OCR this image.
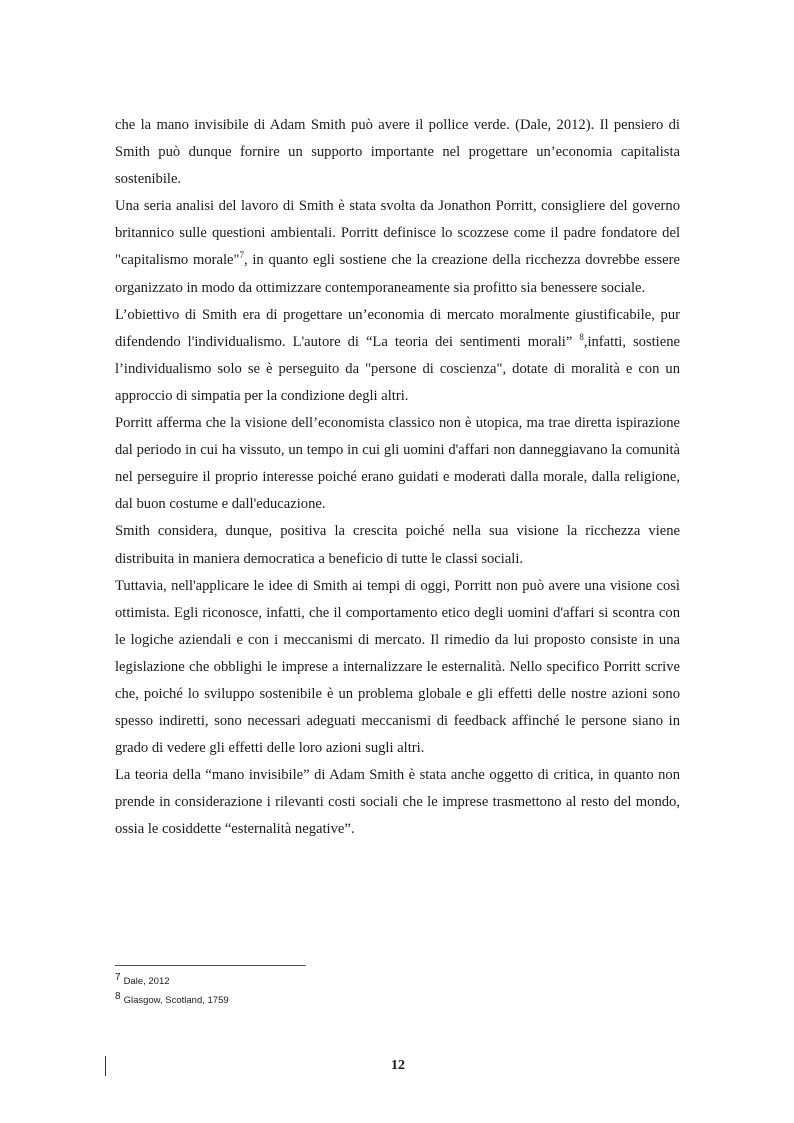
che la mano invisibile di Adam Smith può avere il pollice verde. (Dale, 2012). Il pensiero di Smith può dunque fornire un supporto importante nel progettare un’economia capitalista sostenibile.

Una seria analisi del lavoro di Smith è stata svolta da Jonathon Porritt, consigliere del governo britannico sulle questioni ambientali. Porritt definisce lo scozzese come il padre fondatore del "capitalismo morale"$^7$, in quanto egli sostiene che la creazione della ricchezza dovrebbe essere organizzato in modo da ottimizzare contemporaneamente sia profitto sia benessere sociale.

L’obiettivo di Smith era di progettare un’economia di mercato moralmente giustificabile, pur difendendo l'individualismo. L'autore di “La teoria dei sentimenti morali” $^8$,infatti, sostiene l’individualismo solo se è perseguito da "persone di coscienza", dotate di moralità e con un approccio di simpatia per la condizione degli altri.

Porritt afferma che la visione dell’economista classico non è utopica, ma trae diretta ispirazione dal periodo in cui ha vissuto, un tempo in cui gli uomini d'affari non danneggiavano la comunità nel perseguire il proprio interesse poiché erano guidati e moderati dalla morale, dalla religione, dal buon costume e dall'educazione.

Smith considera, dunque, positiva la crescita poiché nella sua visione la ricchezza viene distribuita in maniera democratica a beneficio di tutte le classi sociali.

Tuttavia, nell'applicare le idee di Smith ai tempi di oggi, Porritt non può avere una visione così ottimista. Egli riconosce, infatti, che il comportamento etico degli uomini d'affari si scontra con le logiche aziendali e con i meccanismi di mercato. Il rimedio da lui proposto consiste in una legislazione che obblighi le imprese a internalizzare le esternalità. Nello specifico Porritt scrive che, poiché lo sviluppo sostenibile è un problema globale e gli effetti delle nostre azioni sono spesso indiretti, sono necessari adeguati meccanismi di feedback affinché le persone siano in grado di vedere gli effetti delle loro azioni sugli altri.

La teoria della “mano invisibile” di Adam Smith è stata anche oggetto di critica, in quanto non prende in considerazione i rilevanti costi sociali che le imprese trasmettono al resto del mondo, ossia le cosiddette “esternalità negative”.

7 Dale, 2012

8 Glasgow, Scotland, 1759

12
